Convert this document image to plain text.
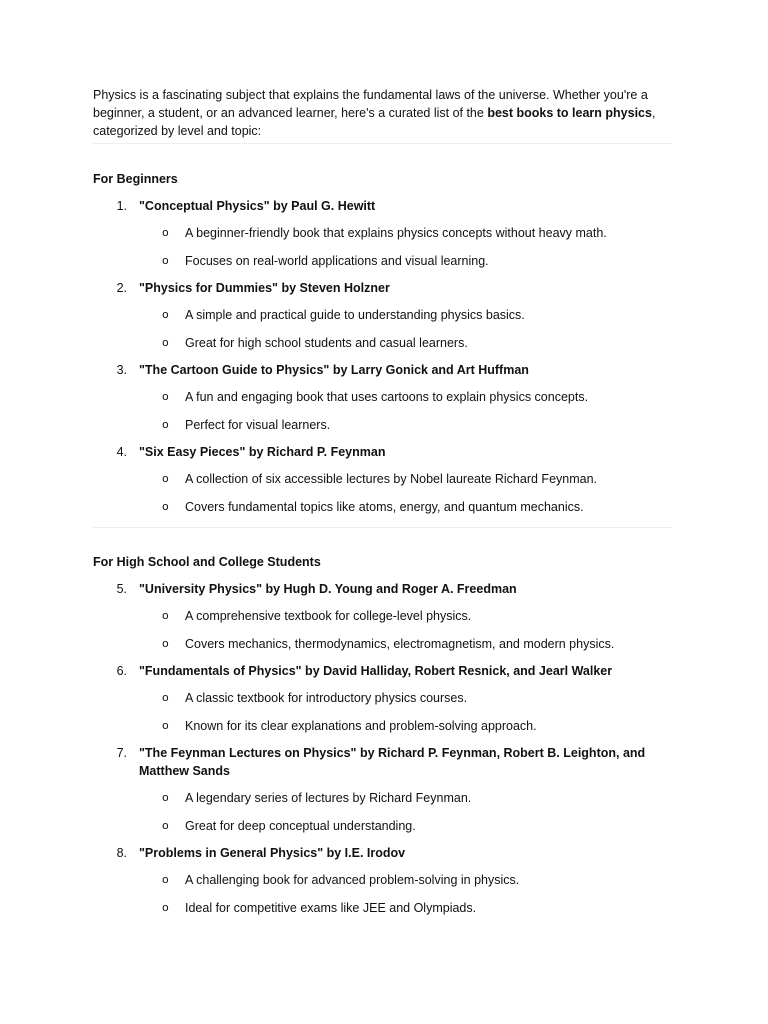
Physics is a fascinating subject that explains the fundamental laws of the universe. Whether you're a beginner, a student, or an advanced learner, here's a curated list of the best books to learn physics, categorized by level and topic:

For Beginners

1. "Conceptual Physics" by Paul G. Hewitt

o A beginner-friendly book that explains physics concepts without heavy math.

o Focuses on real-world applications and visual learning.

2. "Physics for Dummies" by Steven Holzner

o A simple and practical guide to understanding physics basics.

o Great for high school students and casual learners.

3. "The Cartoon Guide to Physics" by Larry Gonick and Art Huffman

o A fun and engaging book that uses cartoons to explain physics concepts.

o Perfect for visual learners.

4. "Six Easy Pieces" by Richard P. Feynman

o A collection of six accessible lectures by Nobel laureate Richard Feynman.

o Covers fundamental topics like atoms, energy, and quantum mechanics.

For High School and College Students

5. "University Physics" by Hugh D. Young and Roger A. Freedman

o A comprehensive textbook for college-level physics.

o Covers mechanics, thermodynamics, electromagnetism, and modern physics.

6. "Fundamentals of Physics" by David Halliday, Robert Resnick, and Jearl Walker

o A classic textbook for introductory physics courses.

o Known for its clear explanations and problem-solving approach.

7. "The Feynman Lectures on Physics" by Richard P. Feynman, Robert B. Leighton, and Matthew Sands

o A legendary series of lectures by Richard Feynman.

o Great for deep conceptual understanding.

8. "Problems in General Physics" by I.E. Irodov

o A challenging book for advanced problem-solving in physics.

o Ideal for competitive exams like JEE and Olympiads.
